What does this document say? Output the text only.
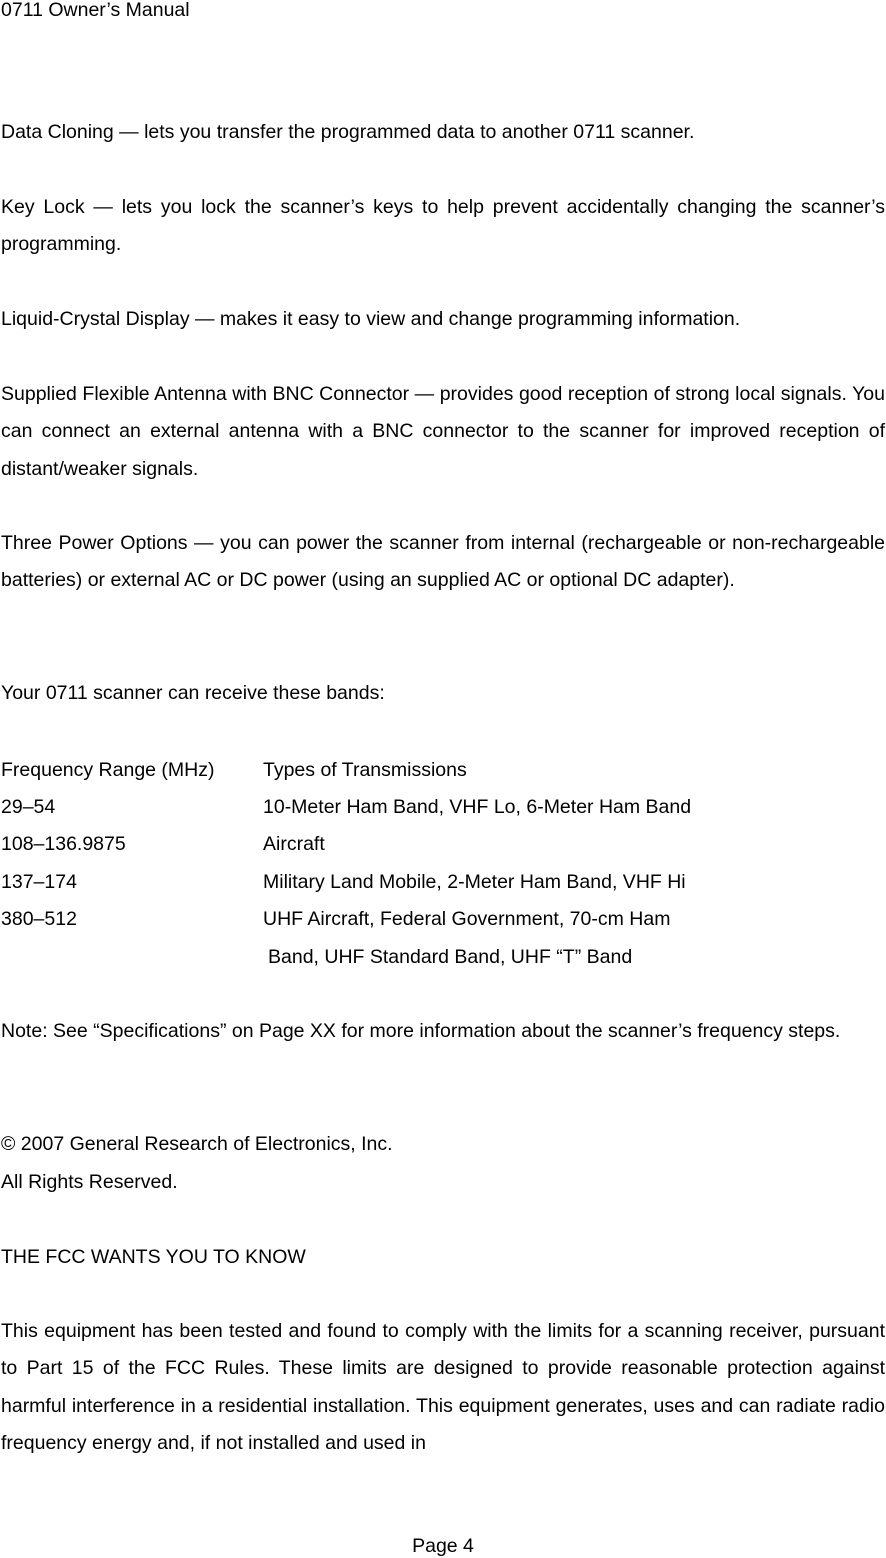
0711 Owner’s Manual
Data Cloning — lets you transfer the programmed data to another 0711 scanner.
Key Lock — lets you lock the scanner’s keys to help prevent accidentally changing the scanner’s programming.
Liquid-Crystal Display — makes it easy to view and change programming information.
Supplied Flexible Antenna with BNC Connector — provides good reception of strong local signals. You can connect an external antenna with a BNC connector to the scanner for improved reception of distant/weaker signals.
Three Power Options — you can power the scanner from internal (rechargeable or non-rechargeable batteries) or external AC or DC power (using an supplied AC or optional DC adapter).
Your 0711 scanner can receive these bands:
Frequency Range (MHz) Types of Transmissions
29–54	10-Meter Ham Band, VHF Lo, 6-Meter Ham Band
108–136.9875	Aircraft
137–174	Military Land Mobile, 2-Meter Ham Band, VHF Hi
380–512	UHF Aircraft, Federal Government, 70-cm Ham
Band, UHF Standard Band, UHF “T” Band
Note: See “Specifications” on Page XX for more information about the scanner’s frequency steps.
© 2007 General Research of Electronics, Inc.
All Rights Reserved.
THE FCC WANTS YOU TO KNOW
This equipment has been tested and found to comply with the limits for a scanning receiver, pursuant to Part 15 of the FCC Rules. These limits are designed to provide reasonable protection against harmful interference in a residential installation. This equipment generates, uses and can radiate radio frequency energy and, if not installed and used in
Page 4
